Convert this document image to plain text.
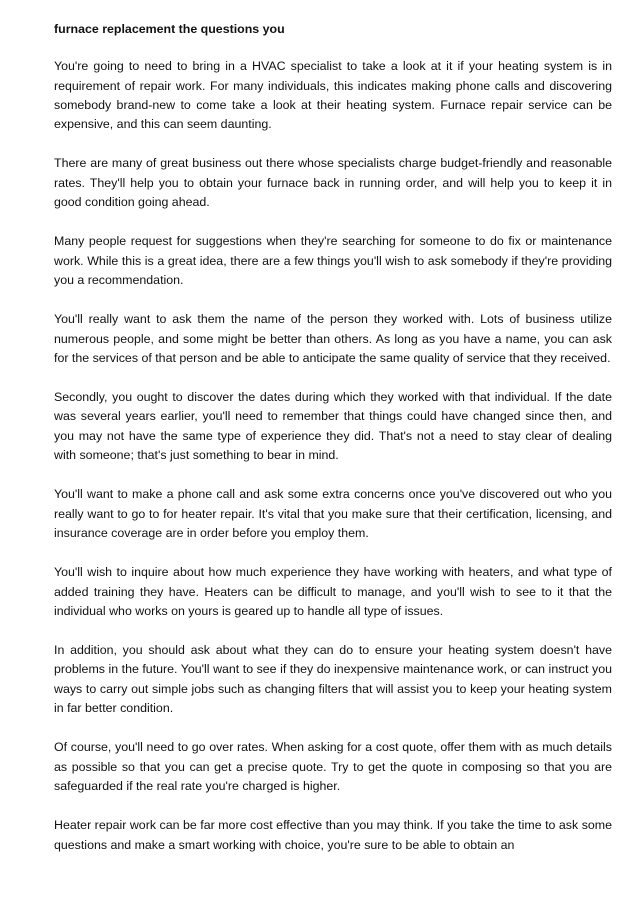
furnace replacement the questions you

You're going to need to bring in a HVAC specialist to take a look at it if your heating system is in requirement of repair work. For many individuals, this indicates making phone calls and discovering somebody brand-new to come take a look at their heating system. Furnace repair service can be expensive, and this can seem daunting.

There are many of great business out there whose specialists charge budget-friendly and reasonable rates. They'll help you to obtain your furnace back in running order, and will help you to keep it in good condition going ahead.

Many people request for suggestions when they're searching for someone to do fix or maintenance work. While this is a great idea, there are a few things you'll wish to ask somebody if they're providing you a recommendation.

You'll really want to ask them the name of the person they worked with. Lots of business utilize numerous people, and some might be better than others. As long as you have a name, you can ask for the services of that person and be able to anticipate the same quality of service that they received.

Secondly, you ought to discover the dates during which they worked with that individual. If the date was several years earlier, you'll need to remember that things could have changed since then, and you may not have the same type of experience they did. That's not a need to stay clear of dealing with someone; that's just something to bear in mind.

You'll want to make a phone call and ask some extra concerns once you've discovered out who you really want to go to for heater repair. It's vital that you make sure that their certification, licensing, and insurance coverage are in order before you employ them.

You'll wish to inquire about how much experience they have working with heaters, and what type of added training they have. Heaters can be difficult to manage, and you'll wish to see to it that the individual who works on yours is geared up to handle all type of issues.

In addition, you should ask about what they can do to ensure your heating system doesn't have problems in the future. You'll want to see if they do inexpensive maintenance work, or can instruct you ways to carry out simple jobs such as changing filters that will assist you to keep your heating system in far better condition.

Of course, you'll need to go over rates. When asking for a cost quote, offer them with as much details as possible so that you can get a precise quote. Try to get the quote in composing so that you are safeguarded if the real rate you're charged is higher.

Heater repair work can be far more cost effective than you may think. If you take the time to ask some questions and make a smart working with choice, you're sure to be able to obtain an
